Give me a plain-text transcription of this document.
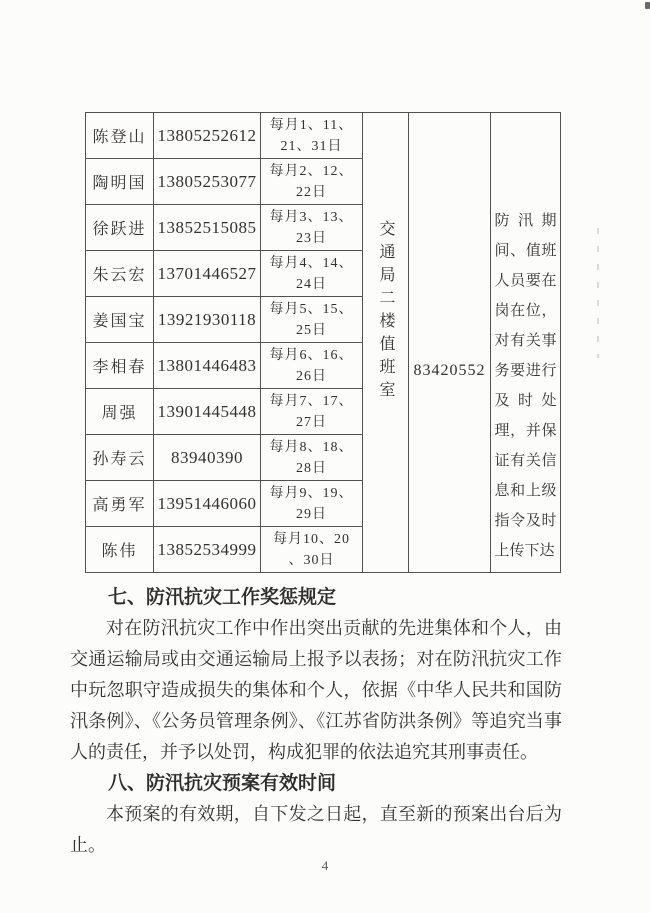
陈登山	13805252612	每月1、11、21、31日	交通局二楼值班室	83420552	防汛期间、值班人员要在岗在位，对有关事务要进行及时处理，并保证有关信息和上级指令及时上传下达

陶明国	13805253077	每月2、12、22日			
徐跃进	13852515085	每月3、13、23日			
朱云宏	13701446527	每月4、14、24日			
姜国宝	13921930118	每月5、15、25日			
李相春	13801446483	每月6、16、26日			
周强	13901445448	每月7、17、27日			
孙寿云	83940390	每月8、18、28日			
高勇军	13951446060	每月9、19、29日			
陈伟	13852534999	每月10、20 、30日			
七、防汛抗灾工作奖惩规定

对在防汛抗灾工作中作出突出贡献的先进集体和个人，由交通运输局或由交通运输局上报予以表扬；对在防汛抗灾工作中玩忽职守造成损失的集体和个人，依据《中华人民共和国防汛条例》、《公务员管理条例》、《江苏省防洪条例》等追究当事人的责任，并予以处罚，构成犯罪的依法追究其刑事责任。

八、防汛抗灾预案有效时间

本预案的有效期，自下发之日起，直至新的预案出台后为止。

4
